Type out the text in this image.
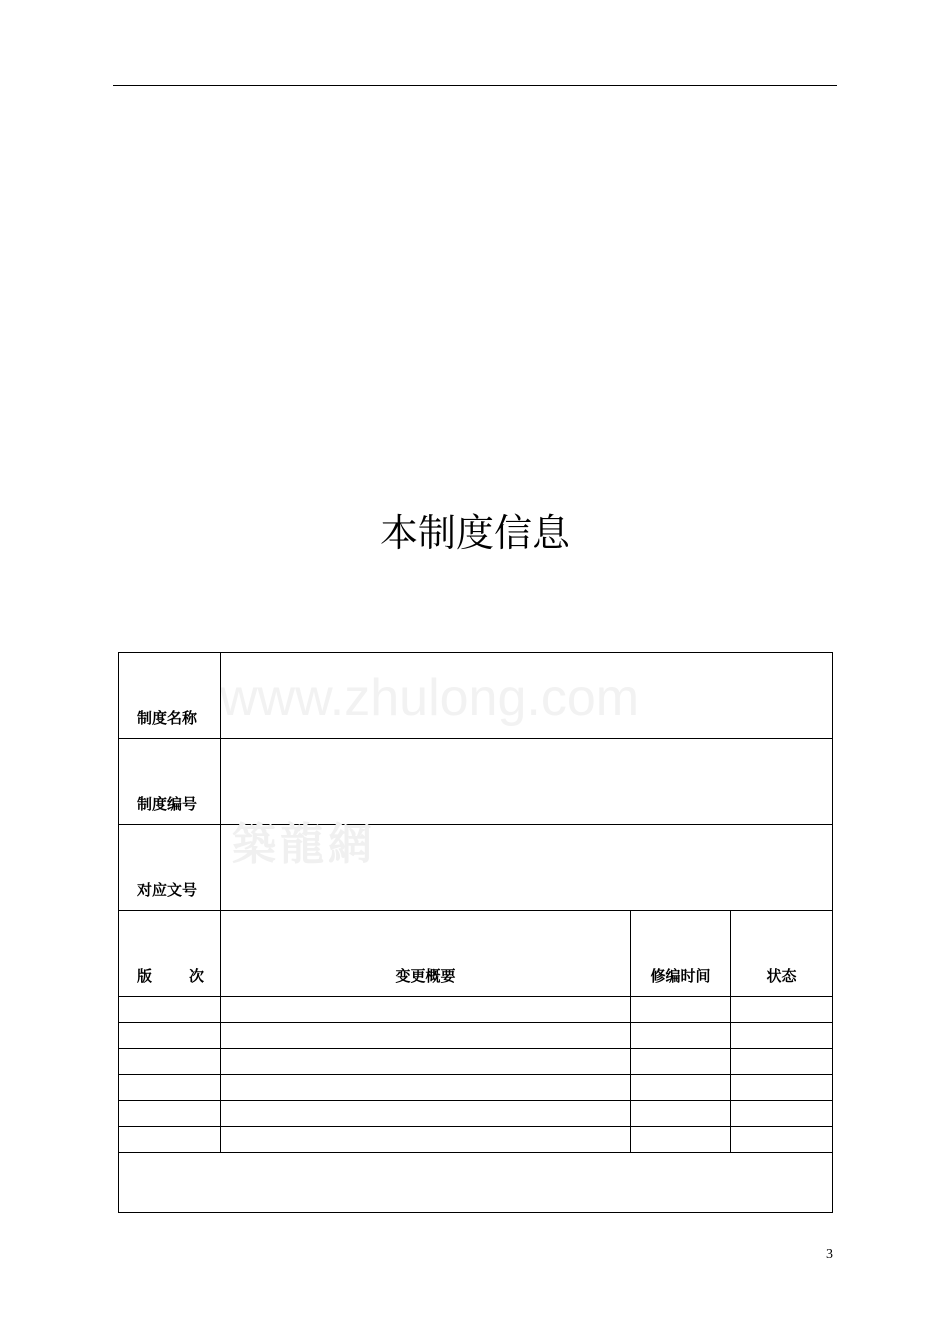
本制度信息
www.zhulong.com
制度名称			
制度编号			
对应文号			

版 次	变更概要	修编时间	状态

築龍網
3
